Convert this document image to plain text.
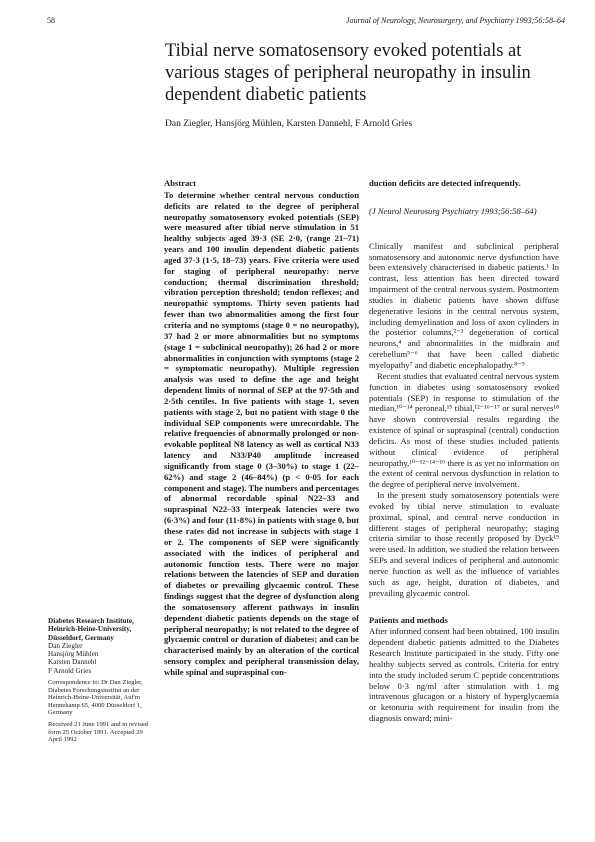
58	Journal of Neurology, Neurosurgery, and Psychiatry 1993;56:58–64
Tibial nerve somatosensory evoked potentials at various stages of peripheral neuropathy in insulin dependent diabetic patients
Dan Ziegler, Hansjörg Mühlen, Karsten Dannehl, F Arnold Gries

Abstract

To determine whether central nervous conduction deficits are related to the degree of peripheral neuropathy somatosensory evoked potentials (SEP) were measured after tibial nerve stimulation in 51 healthy subjects aged 39·3 (SE 2·0, (range 21–71) years and 100 insulin dependent diabetic patients aged 37·3 (1·5, 18–73) years. Five criteria were used for staging of peripheral neuropathy: nerve conduction; thermal discrimination threshold; vibration perception threshold; tendon reflexes; and neuropathic symptoms. Thirty seven patients had fewer than two abnormalities among the first four criteria and no symptoms (stage 0 = no neuropathy), 37 had 2 or more abnormalities but no symptoms (stage 1 = subclinical neuropathy); 26 had 2 or more abnormalities in conjunction with symptoms (stage 2 = symptomatic neuropathy). Multiple regression analysis was used to define the age and height dependent limits of normal of SEP at the 97·5th and 2·5th centiles. In five patients with stage 1, seven patients with stage 2, but no patient with stage 0 the individual SEP components were unrecordable. The relative frequencies of abnormally prolonged or non-evokable popliteal N8 latency as well as cortical N33 latency and N33/P40 amplitude increased significantly from stage 0 (3–30%) to stage 1 (22–62%) and stage 2 (46–84%) (p < 0·05 for each component and stage). The numbers and percentages of abnormal recordable spinal N22–33 and supraspinal N22–33 interpeak latencies were two (6·3%) and four (11·8%) in patients with stage 0, but these rates did not increase in subjects with stage 1 or 2. The components of SEP were significantly associated with the indices of peripheral and autonomic function tests. There were no major relations between the latencies of SEP and duration of diabetes or prevailing glycaemic control. These findings suggest that the degree of dysfunction along the somatosensory afferent pathways in insulin dependent diabetic patients depends on the stage of peripheral neuropathy; is not related to the degree of glycaemic control or duration of diabetes; and can be characterised mainly by an alteration of the cortical sensory complex and peripheral transmission delay, while spinal and supraspinal con-

duction deficits are detected infrequently.

(J Neurol Neurosurg Psychiatry 1993;56:58–64)

Clinically manifest and subclinical peripheral somatosensory and autonomic nerve dysfunction have been extensively characterised in diabetic patients.¹ In contrast, less attention has been directed toward impairment of the central nervous system. Postmortem studies in diabetic patients have shown diffuse degenerative lesions in the central nervous system, including demyelination and loss of axon cylinders in the posterior columns,²⁻³ degeneration of cortical neurons,⁴ and abnormalities in the midbrain and cerebellum⁵⁻⁶ that have been called diabetic myelopathy⁷ and diabetic encephalopathy.⁸⁻⁹

Recent studies that evaluated central nervous system function in diabetes using somatosensory evoked potentials (SEP) in response to stimulation of the median,¹⁰⁻¹⁴ peroneal,¹⁵ tibial,¹²⁻¹⁶⁻¹⁷ or sural nerves¹⁸ have shown controversial results regarding the existence of spinal or supraspinal (central) conduction deficits. As most of these studies included patients without clinical evidence of peripheral neuropathy,¹⁰⁻¹²⁻¹⁴⁻¹⁶ there is as yet no information on the extent of central nervous dysfunction in relation to the degree of peripheral nerve involvement.

In the present study somatosensory potentials were evoked by tibial nerve stimulation to evaluate proximal, spinal, and central nerve conduction in different stages of peripheral neuropathy; staging criteria similar to those recently proposed by Dyck¹⁹ were used. In addition, we studied the relation between SEPs and several indices of peripheral and autonomic nerve function as well as the influence of variables such as age, height, duration of diabetes, and prevailing glycaemic control.

Patients and methods

After informed consent had been obtained, 100 insulin dependent diabetic patients admitted to the Diabetes Research Institute participated in the study. Fifty one healthy subjects served as controls. Criteria for entry into the study included serum C peptide concentrations below 0·3 ng/ml after stimulation with 1 mg intravenous glucagon or a history of hyperglycaemia or ketonuria with requirement for insulin from the diagnosis onward; mini-

Diabetes Research Institute, Heinrich-Heine-University, Düsseldorf, Germany
Dan Ziegler
Hansjörg Mühlen
Karsten Dannehl
F Arnold Gries
Correspondence to: Dr Dan Ziegler, Diabetes Forschungsinstitut an der Heinrich-Heine-Universität, Auf'm Hennekamp 65, 4000 Düsseldorf 1, Germany
Received 21 June 1991 and in revised form 25 October 1991. Accepted 29 April 1992
